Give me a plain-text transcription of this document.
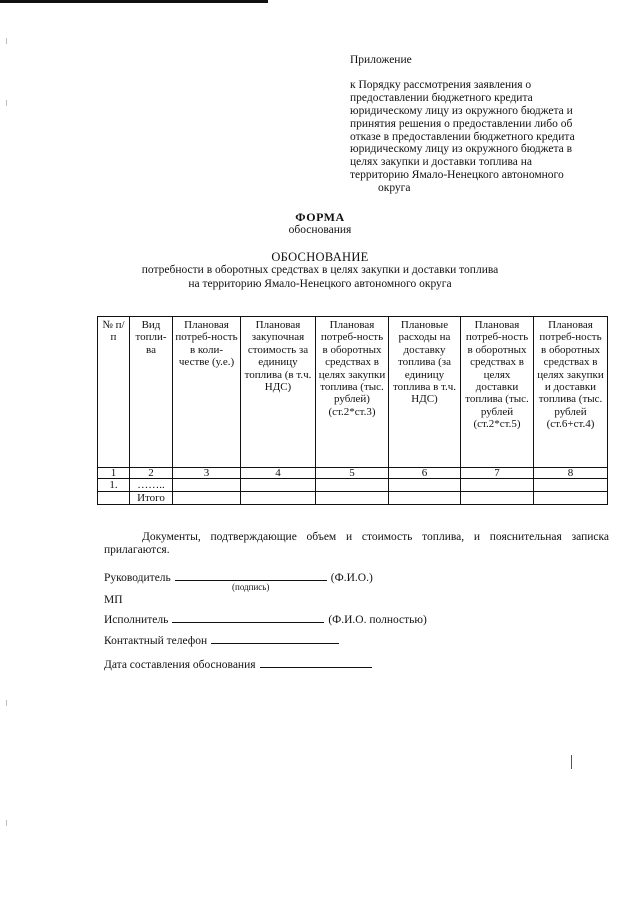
Приложение
к Порядку рассмотрения заявления о
предоставлении бюджетного кредита
юридическому лицу из окружного бюджета и
принятия решения о предоставлении либо об
отказе в предоставлении бюджетного кредита
юридическому лицу из окружного бюджета в
целях закупки и доставки топлива на
территорию Ямало-Ненецкого автономного
округа
ФОРМА
обоснования
ОБОСНОВАНИЕ
потребности в оборотных средствах в целях закупки и доставки топлива
на территорию Ямало-Ненецкого автономного округа
№ п/п	Вид топли-ва	Плановая потреб-ность в коли-честве (у.е.)	Плановая закупочная стоимость за единицу топлива (в т.ч. НДС)	Плановая потреб-ность в оборотных средствах в целях закупки топлива (тыс. рублей) (ст.2*ст.3)	Плановые расходы на доставку топлива (за единицу топлива в т.ч. НДС)	Плановая потреб-ность в оборотных средствах в целях доставки топлива (тыс. рублей (ст.2*ст.5)	Плановая потреб-ность в оборотных средствах в целях закупки и доставки топлива (тыс. рублей (ст.6+ст.4)
1	2	3	4	5	6	7	8
1.	……..						
	Итого						
Документы, подтверждающие объем и стоимость топлива, и пояснительная записка прилагаются.
Руководитель	(Ф.И.О.)
(подпись)
МП
Исполнитель	(Ф.И.О. полностью)
Контактный телефон
Дата составления обоснования
